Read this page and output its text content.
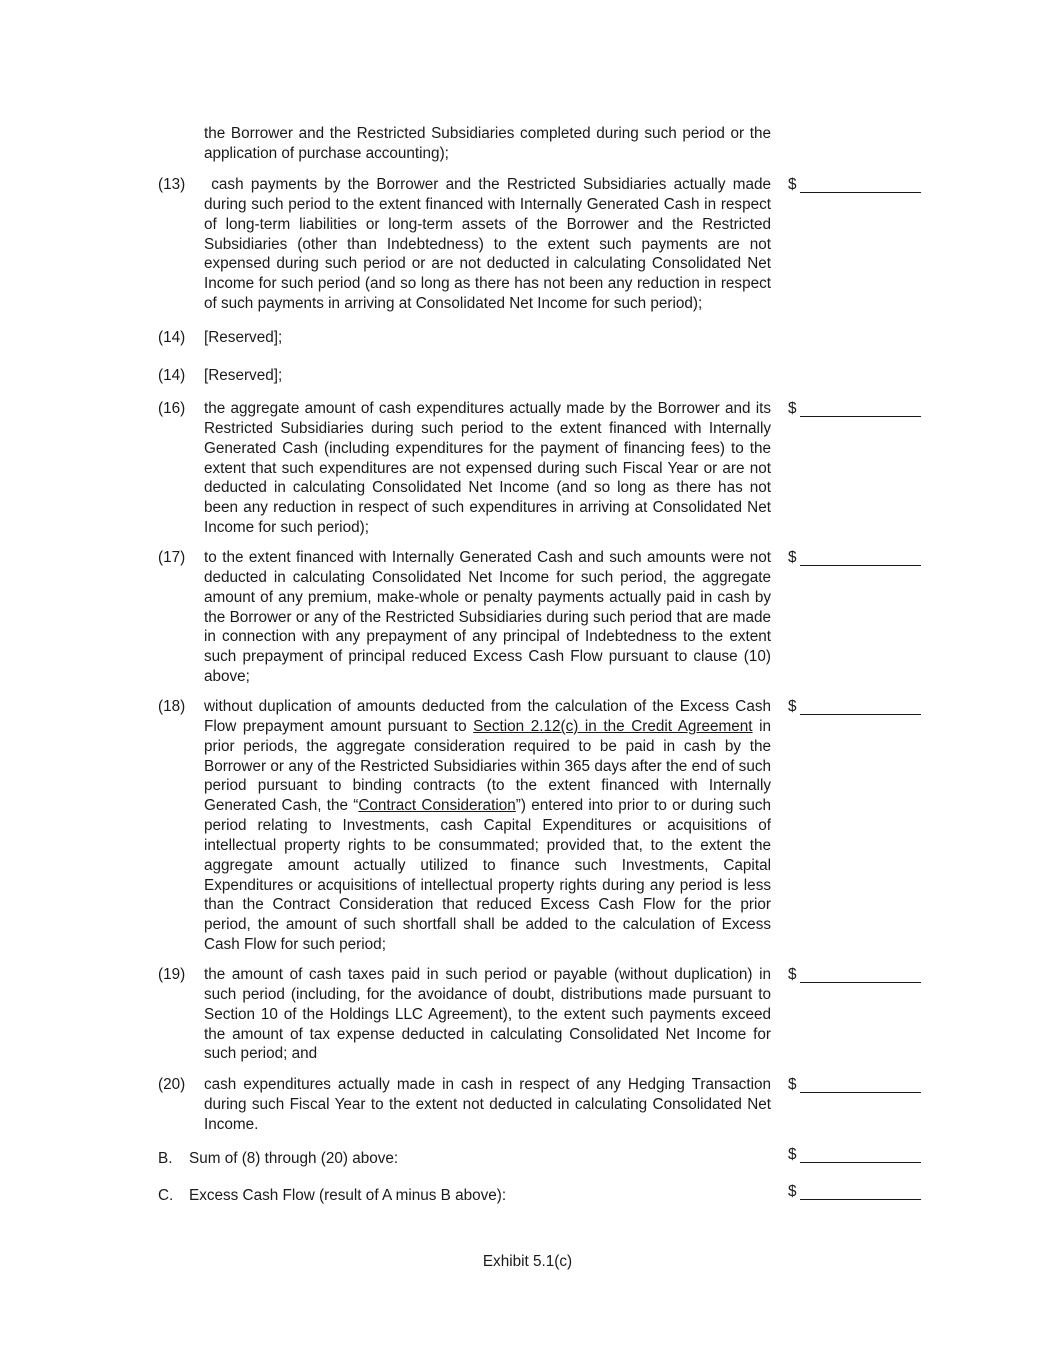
the Borrower and the Restricted Subsidiaries completed during such period or the application of purchase accounting);

(13) cash payments by the Borrower and the Restricted Subsidiaries actually made during such period to the extent financed with Internally Generated Cash in respect of long-term liabilities or long-term assets of the Borrower and the Restricted Subsidiaries (other than Indebtedness) to the extent such payments are not expensed during such period or are not deducted in calculating Consolidated Net Income for such period (and so long as there has not been any reduction in respect of such payments in arriving at Consolidated Net Income for such period);

$

(14) [Reserved];

(14) [Reserved];

(16) the aggregate amount of cash expenditures actually made by the Borrower and its Restricted Subsidiaries during such period to the extent financed with Internally Generated Cash (including expenditures for the payment of financing fees) to the extent that such expenditures are not expensed during such Fiscal Year or are not deducted in calculating Consolidated Net Income (and so long as there has not been any reduction in respect of such expenditures in arriving at Consolidated Net Income for such period);

$

(17) to the extent financed with Internally Generated Cash and such amounts were not deducted in calculating Consolidated Net Income for such period, the aggregate amount of any premium, make-whole or penalty payments actually paid in cash by the Borrower or any of the Restricted Subsidiaries during such period that are made in connection with any prepayment of any principal of Indebtedness to the extent such prepayment of principal reduced Excess Cash Flow pursuant to clause (10) above;

$

(18) without duplication of amounts deducted from the calculation of the Excess Cash Flow prepayment amount pursuant to Section 2.12(c) in the Credit Agreement in prior periods, the aggregate consideration required to be paid in cash by the Borrower or any of the Restricted Subsidiaries within 365 days after the end of such period pursuant to binding contracts (to the extent financed with Internally Generated Cash, the “Contract Consideration”) entered into prior to or during such period relating to Investments, cash Capital Expenditures or acquisitions of intellectual property rights to be consummated; provided that, to the extent the aggregate amount actually utilized to finance such Investments, Capital Expenditures or acquisitions of intellectual property rights during any period is less than the Contract Consideration that reduced Excess Cash Flow for the prior period, the amount of such shortfall shall be added to the calculation of Excess Cash Flow for such period;

$

(19) the amount of cash taxes paid in such period or payable (without duplication) in such period (including, for the avoidance of doubt, distributions made pursuant to Section 10 of the Holdings LLC Agreement), to the extent such payments exceed the amount of tax expense deducted in calculating Consolidated Net Income for such period; and

$

(20) cash expenditures actually made in cash in respect of any Hedging Transaction during such Fiscal Year to the extent not deducted in calculating Consolidated Net Income.

$

B. Sum of (8) through (20) above:	$

C. Excess Cash Flow (result of A minus B above):	$
Exhibit 5.1(c)
